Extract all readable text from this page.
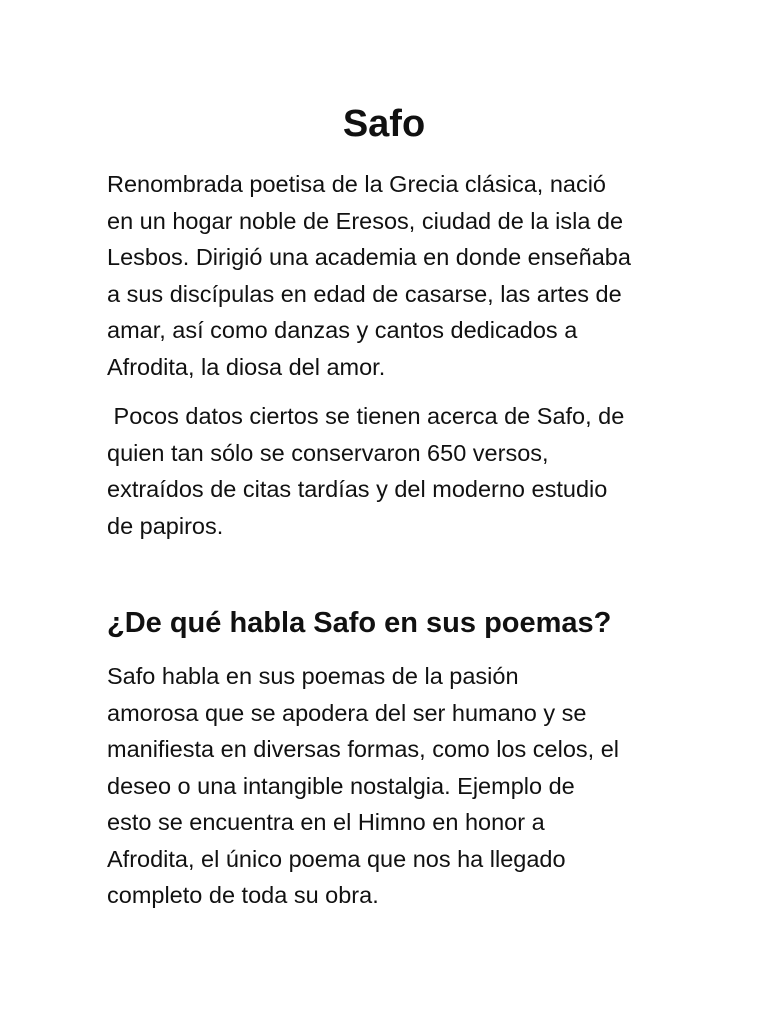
Safo

Renombrada poetisa de la Grecia clásica, nació
en un hogar noble de Eresos, ciudad de la isla de
Lesbos. Dirigió una academia en donde enseñaba
a sus discípulas en edad de casarse, las artes de
amar, así como danzas y cantos dedicados a
Afrodita, la diosa del amor.

Pocos datos ciertos se tienen acerca de Safo, de
quien tan sólo se conservaron 650 versos,
extraídos de citas tardías y del moderno estudio
de papiros.

¿De qué habla Safo en sus poemas?

Safo habla en sus poemas de la pasión
amorosa que se apodera del ser humano y se
manifiesta en diversas formas, como los celos, el
deseo o una intangible nostalgia. Ejemplo de
esto se encuentra en el Himno en honor a
Afrodita, el único poema que nos ha llegado
completo de toda su obra.
